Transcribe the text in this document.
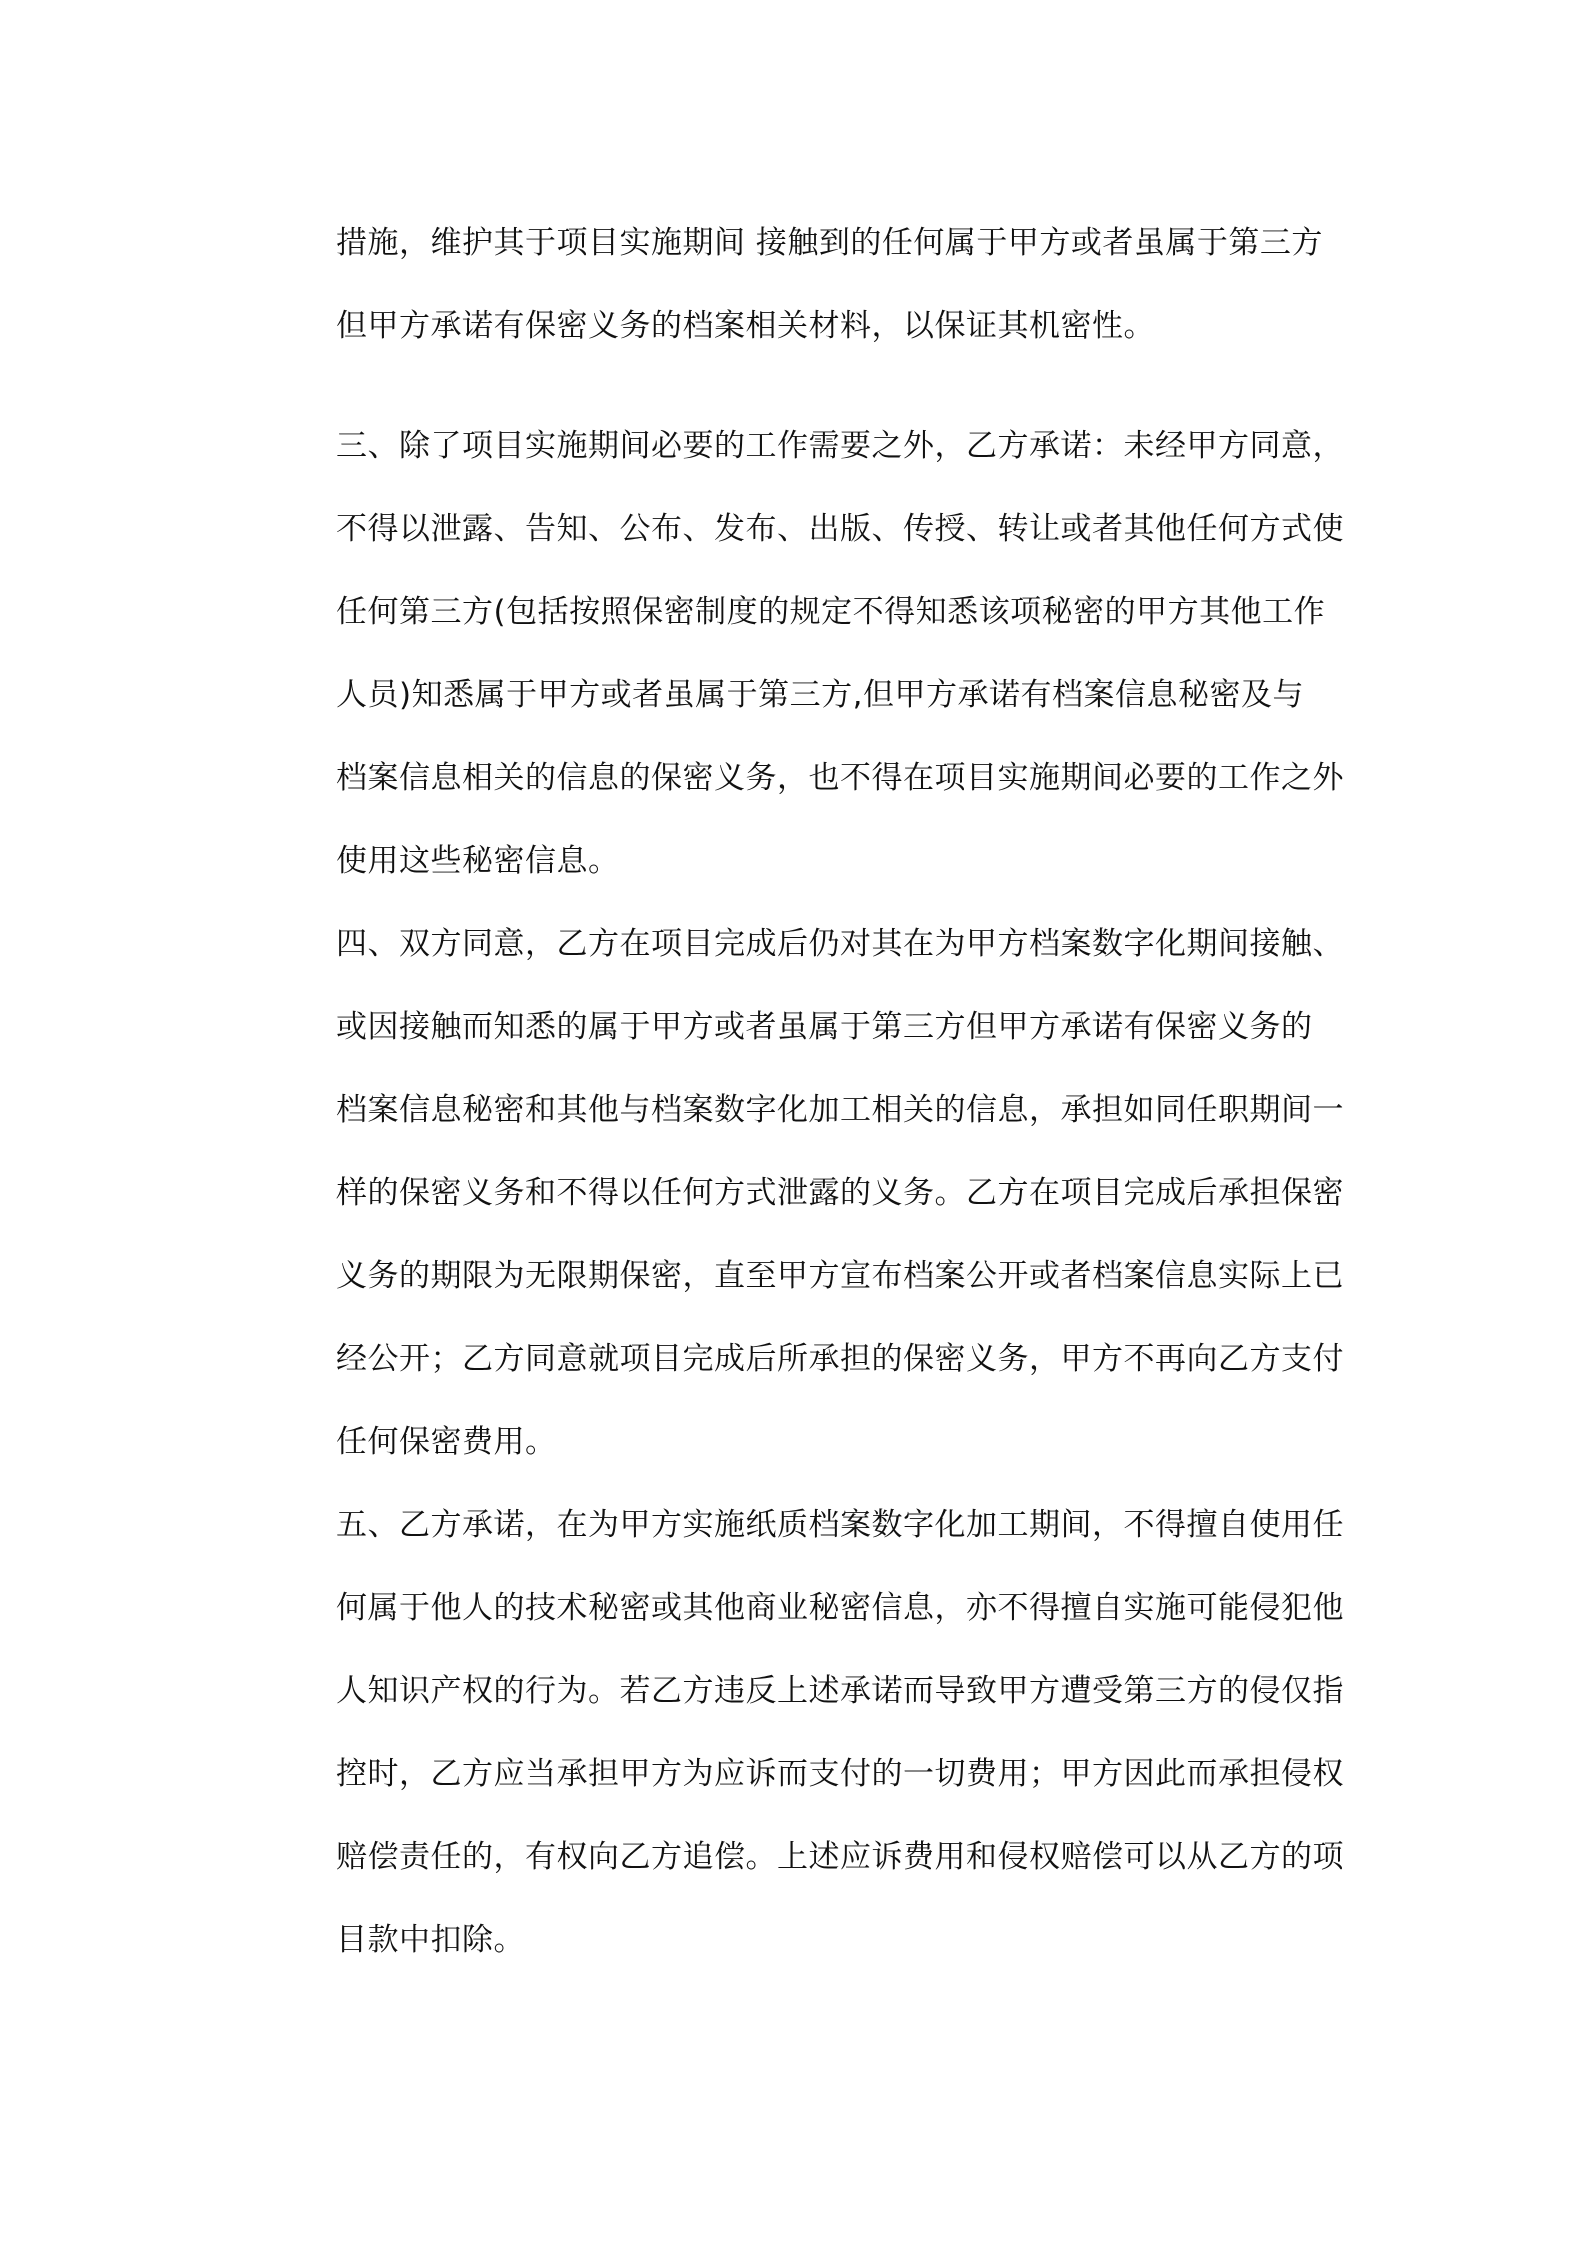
措施，维护其于项目实施期间 接触到的任何属于甲方或者虽属于第三方
但甲方承诺有保密义务的档案相关材料，以保证其机密性。

三、除了项目实施期间必要的工作需要之外，乙方承诺：未经甲方同意，
不得以泄露、告知、公布、发布、出版、传授、转让或者其他任何方式使
任何第三方(包括按照保密制度的规定不得知悉该项秘密的甲方其他工作
人员)知悉属于甲方或者虽属于第三方,但甲方承诺有档案信息秘密及与
档案信息相关的信息的保密义务，也不得在项目实施期间必要的工作之外
使用这些秘密信息。

四、双方同意，乙方在项目完成后仍对其在为甲方档案数字化期间接触、
或因接触而知悉的属于甲方或者虽属于第三方但甲方承诺有保密义务的
档案信息秘密和其他与档案数字化加工相关的信息，承担如同任职期间一
样的保密义务和不得以任何方式泄露的义务。乙方在项目完成后承担保密
义务的期限为无限期保密，直至甲方宣布档案公开或者档案信息实际上已
经公开；乙方同意就项目完成后所承担的保密义务，甲方不再向乙方支付
任何保密费用。

五、乙方承诺，在为甲方实施纸质档案数字化加工期间，不得擅自使用任
何属于他人的技术秘密或其他商业秘密信息，亦不得擅自实施可能侵犯他
人知识产权的行为。若乙方违反上述承诺而导致甲方遭受第三方的侵仅指
控时，乙方应当承担甲方为应诉而支付的一切费用；甲方因此而承担侵权
赔偿责任的，有权向乙方追偿。上述应诉费用和侵权赔偿可以从乙方的项
目款中扣除。
